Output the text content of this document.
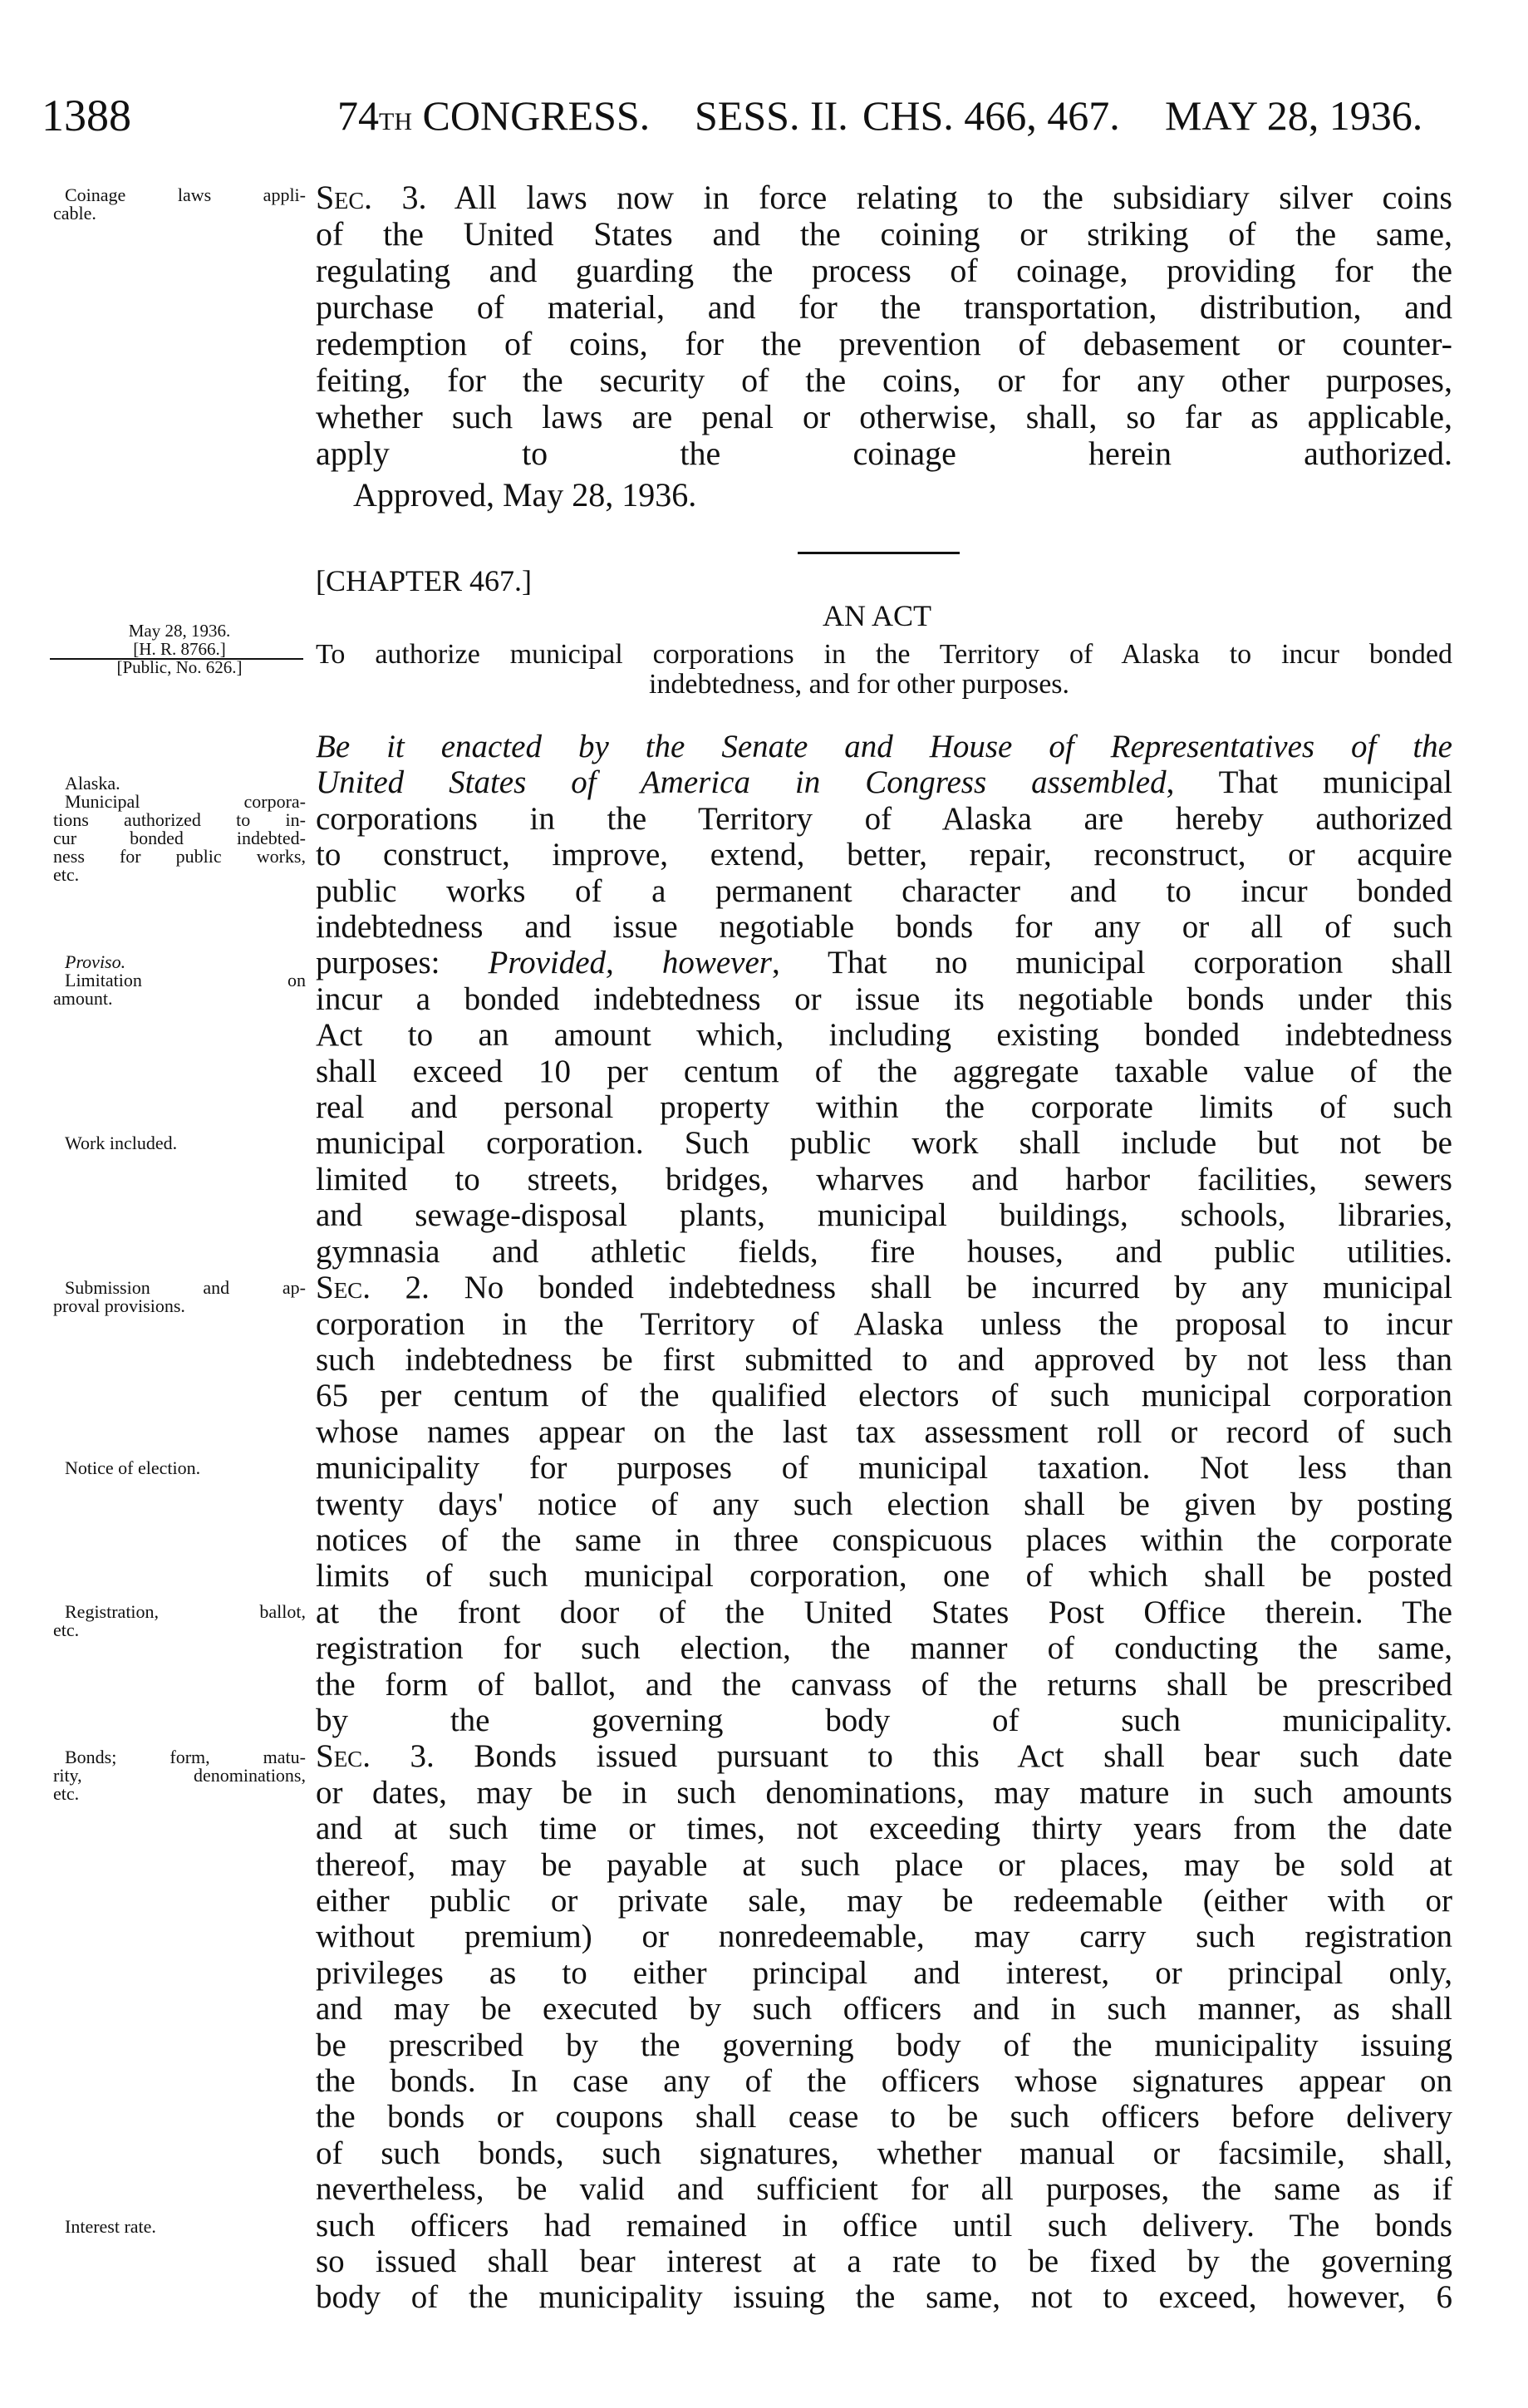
1388	74TH CONGRESS. SESS. II. CHS. 466, 467. MAY 28, 1936.
Sec. 3. All laws now in force relating to the subsidiary silver coins
of the United States and the coining or striking of the same,
regulating and guarding the process of coinage, providing for the
purchase of material, and for the transportation, distribution, and
redemption of coins, for the prevention of debasement or counter-
feiting, for the security of the coins, or for any other purposes,
whether such laws are penal or otherwise, shall, so far as applicable,
apply to the coinage herein authorized.
Approved, May 28, 1936.
[CHAPTER 467.]
AN ACT
To authorize municipal corporations in the Territory of Alaska to incur bonded
indebtedness, and for other purposes.
Be it enacted by the Senate and House of Representatives of the
United States of America in Congress assembled, That municipal
corporations in the Territory of Alaska are hereby authorized
to construct, improve, extend, better, repair, reconstruct, or acquire
public works of a permanent character and to incur bonded
indebtedness and issue negotiable bonds for any or all of such
purposes: Provided, however, That no municipal corporation shall
incur a bonded indebtedness or issue its negotiable bonds under this
Act to an amount which, including existing bonded indebtedness
shall exceed 10 per centum of the aggregate taxable value of the
real and personal property within the corporate limits of such
municipal corporation. Such public work shall include but not be
limited to streets, bridges, wharves and harbor facilities, sewers
and sewage-disposal plants, municipal buildings, schools, libraries,
gymnasia and athletic fields, fire houses, and public utilities.
Sec. 2. No bonded indebtedness shall be incurred by any municipal
corporation in the Territory of Alaska unless the proposal to incur
such indebtedness be first submitted to and approved by not less than
65 per centum of the qualified electors of such municipal corporation
whose names appear on the last tax assessment roll or record of such
municipality for purposes of municipal taxation. Not less than
twenty days' notice of any such election shall be given by posting
notices of the same in three conspicuous places within the corporate
limits of such municipal corporation, one of which shall be posted
at the front door of the United States Post Office therein. The
registration for such election, the manner of conducting the same,
the form of ballot, and the canvass of the returns shall be prescribed
by the governing body of such municipality.
Sec. 3. Bonds issued pursuant to this Act shall bear such date
or dates, may be in such denominations, may mature in such amounts
and at such time or times, not exceeding thirty years from the date
thereof, may be payable at such place or places, may be sold at
either public or private sale, may be redeemable (either with or
without premium) or nonredeemable, may carry such registration
privileges as to either principal and interest, or principal only,
and may be executed by such officers and in such manner, as shall
be prescribed by the governing body of the municipality issuing
the bonds. In case any of the officers whose signatures appear on
the bonds or coupons shall cease to be such officers before delivery
of such bonds, such signatures, whether manual or facsimile, shall,
nevertheless, be valid and sufficient for all purposes, the same as if
such officers had remained in office until such delivery. The bonds
so issued shall bear interest at a rate to be fixed by the governing
body of the municipality issuing the same, not to exceed, however, 6
Coinage laws appli-
cable.
May 28, 1936.
[H. R. 8766.]
[Public, No. 626.]
Alaska.
Municipal corpora-
tions authorized to in-
cur bonded indebted-
ness for public works,
etc.
Proviso.
Limitation on
amount.
Work included.
Submission and ap-
proval provisions.
Notice of election.
Registration, ballot,
etc.
Bonds; form, matu-
rity, denominations,
etc.
Interest rate.
